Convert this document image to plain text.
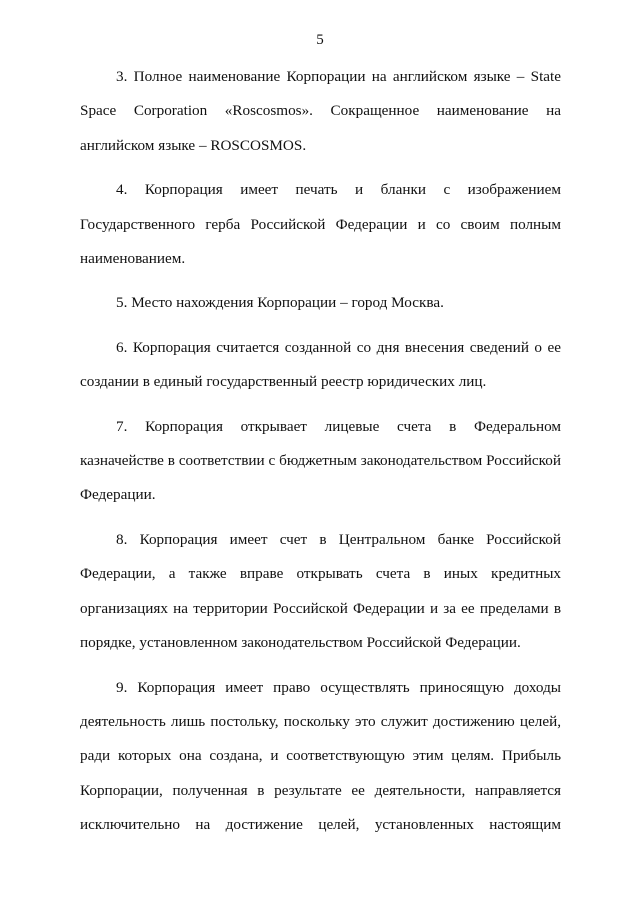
5

3. Полное наименование Корпорации на английском языке – State Space Corporation «Roscosmos». Сокращенное наименование на английском языке – ROSCOSMOS.

4. Корпорация имеет печать и бланки с изображением Государственного герба Российской Федерации и со своим полным наименованием.

5. Место нахождения Корпорации – город Москва.

6. Корпорация считается созданной со дня внесения сведений о ее создании в единый государственный реестр юридических лиц.

7. Корпорация открывает лицевые счета в Федеральном казначействе в соответствии с бюджетным законодательством Российской Федерации.

8. Корпорация имеет счет в Центральном банке Российской Федерации, а также вправе открывать счета в иных кредитных организациях на территории Российской Федерации и за ее пределами в порядке, установленном законодательством Российской Федерации.

9. Корпорация имеет право осуществлять приносящую доходы деятельность лишь постольку, поскольку это служит достижению целей, ради которых она создана, и соответствующую этим целям. Прибыль Корпорации, полученная в результате ее деятельности, направляется исключительно на достижение целей, установленных настоящим
